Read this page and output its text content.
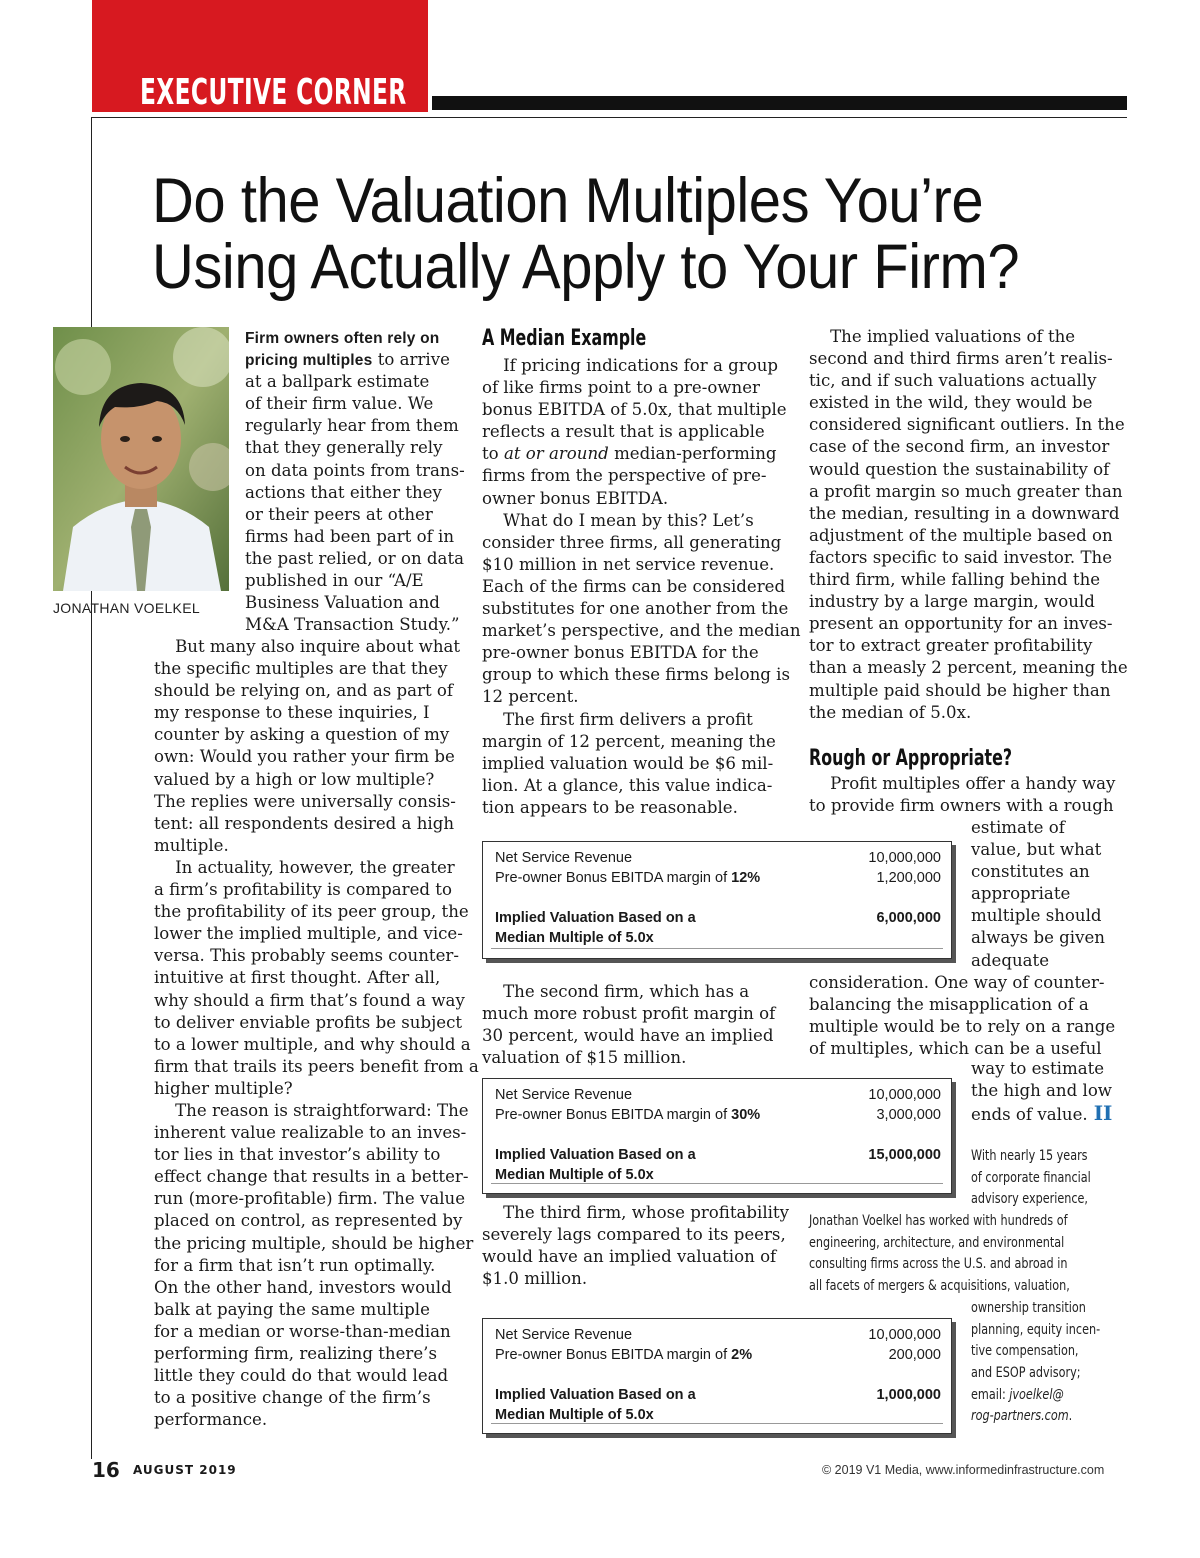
EXECUTIVE CORNER
Do the Valuation Multiples You’re
Using Actually Apply to Your Firm?
JONATHAN VOELKEL
Firm owners often rely on
pricing multiples to arrive
at a ballpark estimate
of their firm value. We
regularly hear from them
that they generally rely
on data points from trans-
actions that either they
or their peers at other
firms had been part of in
the past relied, or on data
published in our “A/E
Business Valuation and
M&A Transaction Study.”
But many also inquire about what
the specific multiples are that they
should be relying on, and as part of
my response to these inquiries, I
counter by asking a question of my
own: Would you rather your firm be
valued by a high or low multiple?
The replies were universally consis-
tent: all respondents desired a high
multiple.
In actuality, however, the greater
a firm’s profitability is compared to
the profitability of its peer group, the
lower the implied multiple, and vice-
versa. This probably seems counter-
intuitive at first thought. After all,
why should a firm that’s found a way
to deliver enviable profits be subject
to a lower multiple, and why should a
firm that trails its peers benefit from a
higher multiple?
The reason is straightforward: The
inherent value realizable to an inves-
tor lies in that investor’s ability to
effect change that results in a better-
run (more-profitable) firm. The value
placed on control, as represented by
the pricing multiple, should be higher
for a firm that isn’t run optimally.
On the other hand, investors would
balk at paying the same multiple
for a median or worse-than-median
performing firm, realizing there’s
little they could do that would lead
to a positive change of the firm’s
performance.
A Median Example
If pricing indications for a group
of like firms point to a pre-owner
bonus EBITDA of 5.0x, that multiple
reflects a result that is applicable
to at or around median-performing
firms from the perspective of pre-
owner bonus EBITDA.
What do I mean by this? Let’s
consider three firms, all generating
$10 million in net service revenue.
Each of the firms can be considered
substitutes for one another from the
market’s perspective, and the median
pre-owner bonus EBITDA for the
group to which these firms belong is
12 percent.
The first firm delivers a profit
margin of 12 percent, meaning the
implied valuation would be $6 mil-
lion. At a glance, this value indica-
tion appears to be reasonable.
Net Service Revenue	10,000,000
Pre-owner Bonus EBITDA margin of 12%	1,200,000
Implied Valuation Based on a	6,000,000
Median Multiple of 5.0x
The second firm, which has a
much more robust profit margin of
30 percent, would have an implied
valuation of $15 million.
Net Service Revenue	10,000,000
Pre-owner Bonus EBITDA margin of 30%	3,000,000
Implied Valuation Based on a	15,000,000
Median Multiple of 5.0x
The third firm, whose profitability
severely lags compared to its peers,
would have an implied valuation of
$1.0 million.
Net Service Revenue	10,000,000
Pre-owner Bonus EBITDA margin of 2%	200,000
Implied Valuation Based on a	1,000,000
Median Multiple of 5.0x
The implied valuations of the
second and third firms aren’t realis-
tic, and if such valuations actually
existed in the wild, they would be
considered significant outliers. In the
case of the second firm, an investor
would question the sustainability of
a profit margin so much greater than
the median, resulting in a downward
adjustment of the multiple based on
factors specific to said investor. The
third firm, while falling behind the
industry by a large margin, would
present an opportunity for an inves-
tor to extract greater profitability
than a measly 2 percent, meaning the
multiple paid should be higher than
the median of 5.0x.
Rough or Appropriate?
Profit multiples offer a handy way
to provide firm owners with a rough
estimate of
value, but what
constitutes an
appropriate
multiple should
always be given
adequate
consideration. One way of counter-
balancing the misapplication of a
multiple would be to rely on a range
of multiples, which can be a useful
way to estimate
the high and low
ends of value. II
With nearly 15 years
of corporate financial
advisory experience,
Jonathan Voelkel has worked with hundreds of
engineering, architecture, and environmental
consulting firms across the U.S. and abroad in
all facets of mergers & acquisitions, valuation,
ownership transition
planning, equity incen-
tive compensation,
and ESOP advisory;
email: jvoelkel@
rog-partners.com.
16 AUGUST 2019	© 2019 V1 Media, www.informedinfrastructure.com
